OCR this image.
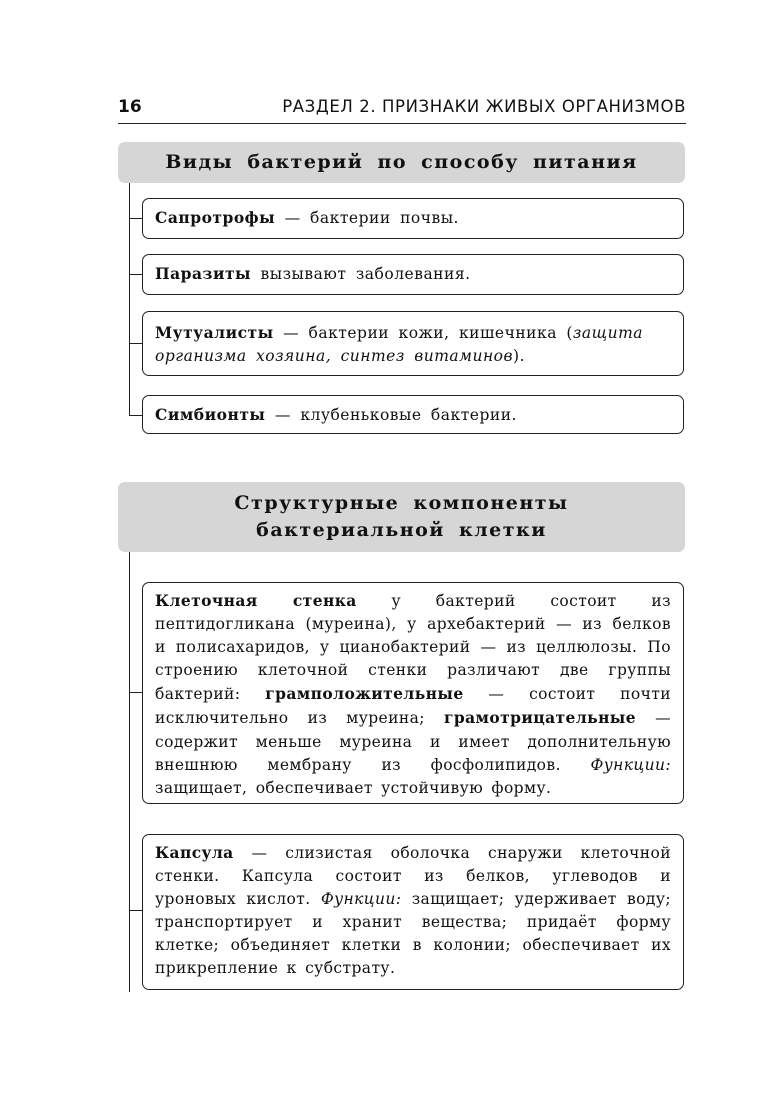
16	РАЗДЕЛ 2. ПРИЗНАКИ ЖИВЫХ ОРГАНИЗМОВ
Виды бактерий по способу питания
Сапротрофы — бактерии почвы.
Паразиты вызывают заболевания.
Мутуалисты — бактерии кожи, кишечника (защита организма хозяина, синтез витаминов).
Симбионты — клубеньковые бактерии.
Структурные компоненты
бактериальной клетки
Клеточная стенка у бактерий состоит из пептидогликана (муреина), у архебактерий — из белков и полисахаридов, у цианобактерий — из целлюлозы. По строению клеточной стенки различают две группы бактерий: грамположительные — состоит почти исключительно из муреина; грамотрицательные — содержит меньше муреина и имеет дополнительную внешнюю мембрану из фосфолипидов. Функции: защищает, обеспечивает устойчивую форму.
Капсула — слизистая оболочка снаружи клеточной стенки. Капсула состоит из белков, углеводов и уроновых кислот. Функции: защищает; удерживает воду; транспортирует и хранит вещества; придаёт форму клетке; объединяет клетки в колонии; обеспечивает их прикрепление к субстрату.
